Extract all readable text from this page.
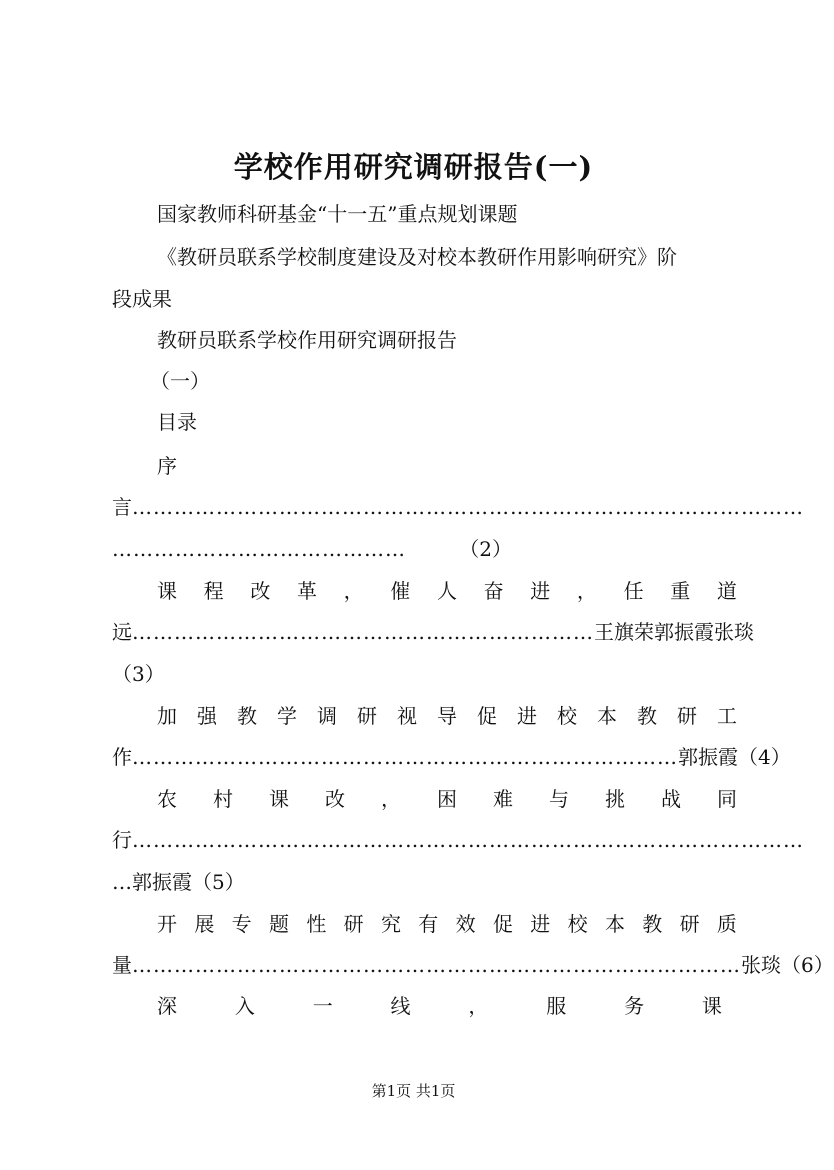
学校作用研究调研报告(一)
国家教师科研基金“十一五”重点规划课题
《教研员联系学校制度建设及对校本教研作用影响研究》阶
段成果
教研员联系学校作用研究调研报告
（一）
目录
序
言 ……………………………………………………………………………………
……………………………………	（2）
课 程 改 革 ， 催 人 奋 进 ， 任 重 道
远 ………………………………………………………… 王旗荣郭振霞张琰
（3）
加 强 教 学 调 研 视 导 促 进 校 本 教 研 工
作 …………………………………………………………………… 郭振霞（4）
农 村 课 改 ， 困 难 与 挑 战 同
行 ……………………………………………………………………………………
… 郭振霞（5）
开 展 专 题 性 研 究 有 效 促 进 校 本 教 研 质
量 …………………………………………………………………………… 张琰（6）
深	入	一	线	，	服	务	课
第1页 共1页
